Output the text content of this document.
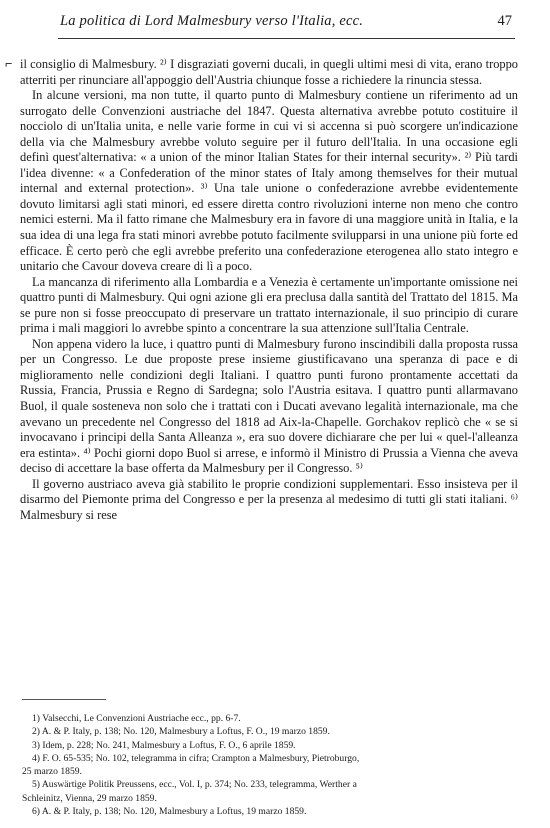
La politica di Lord Malmesbury verso l'Italia, ecc.	47
⌐ il consiglio di Malmesbury. ²⁾ I disgraziati governi ducali, in quegli ultimi mesi di vita, erano troppo atterriti per rinunciare all'appoggio dell'Austria chiunque fosse a richiedere la rinuncia stessa.

In alcune versioni, ma non tutte, il quarto punto di Malmesbury contiene un riferimento ad un surrogato delle Convenzioni austriache del 1847. Questa alternativa avrebbe potuto costituire il nocciolo di un'Italia unita, e nelle varie forme in cui vi si accenna si può scorgere un'indicazione della via che Malmesbury avrebbe voluto seguire per il futuro dell'Italia. In una occasione egli definì quest'alternativa: « a union of the minor Italian States for their internal security». ²⁾ Più tardi l'idea divenne: « a Confederation of the minor states of Italy among themselves for their mutual internal and external protection». ³⁾ Una tale unione o confederazione avrebbe evidentemente dovuto limitarsi agli stati minori, ed essere diretta contro rivoluzioni interne non meno che contro nemici esterni. Ma il fatto rimane che Malmesbury era in favore di una maggiore unità in Italia, e la sua idea di una lega fra stati minori avrebbe potuto facilmente svilupparsi in una unione più forte ed efficace. È certo però che egli avrebbe preferito una confederazione eterogenea allo stato integro e unitario che Cavour doveva creare di lì a poco.

La mancanza di riferimento alla Lombardia e a Venezia è certamente un'importante omissione nei quattro punti di Malmesbury. Qui ogni azione gli era preclusa dalla santità del Trattato del 1815. Ma se pure non si fosse preoccupato di preservare un trattato internazionale, il suo principio di curare prima i mali maggiori lo avrebbe spinto a concentrare la sua attenzione sull'Italia Centrale.

Non appena videro la luce, i quattro punti di Malmesbury furono inscindibili dalla proposta russa per un Congresso. Le due proposte prese insieme giustificavano una speranza di pace e di miglioramento nelle condizioni degli Italiani. I quattro punti furono prontamente accettati da Russia, Francia, Prussia e Regno di Sardegna; solo l'Austria esitava. I quattro punti allarmavano Buol, il quale sosteneva non solo che i trattati con i Ducati avevano legalità internazionale, ma che avevano un precedente nel Congresso del 1818 ad Aix-la-Chapelle. Gorchakov replicò che « se si invocavano i principi della Santa Alleanza », era suo dovere dichiarare che per lui « quel-l'alleanza era estinta». ⁴⁾ Pochi giorni dopo Buol si arrese, e informò il Ministro di Prussia a Vienna che aveva deciso di accettare la base offerta da Malmesbury per il Congresso. ⁵⁾

Il governo austriaco aveva già stabilito le proprie condizioni supplementari. Esso insisteva per il disarmo del Piemonte prima del Congresso e per la presenza al medesimo di tutti gli stati italiani. ⁶⁾ Malmesbury si rese

1) Valsecchi, Le Convenzioni Austriache ecc., pp. 6-7.

2) A. & P. Italy, p. 138; No. 120, Malmesbury a Loftus, F. O., 19 marzo 1859.

3) Idem, p. 228; No. 241, Malmesbury a Loftus, F. O., 6 aprile 1859.

4) F. O. 65-535; No. 102, telegramma in cifra; Crampton a Malmesbury, Pietroburgo,

25 marzo 1859.

5) Auswärtige Politik Preussens, ecc., Vol. I, p. 374; No. 233, telegramma, Werther a

Schleinitz, Vienna, 29 marzo 1859.

6) A. & P. Italy, p. 138; No. 120, Malmesbury a Loftus, 19 marzo 1859.
